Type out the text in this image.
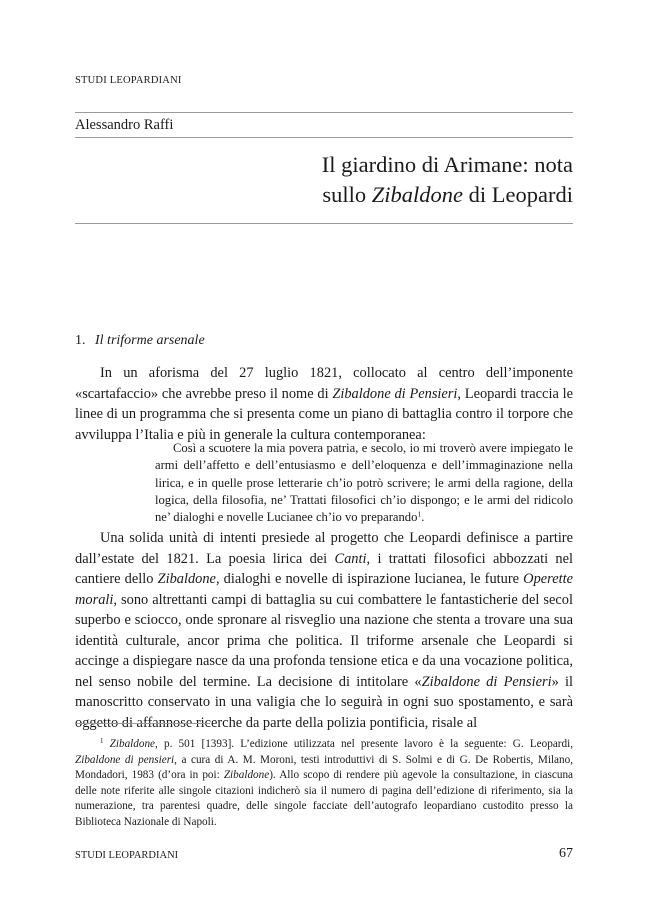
STUDI LEOPARDIANI
Alessandro Raffi
Il giardino di Arimane: nota
sullo Zibaldone di Leopardi
1. Il triforme arsenale

In un aforisma del 27 luglio 1821, collocato al centro dell’imponente «scartafaccio» che avrebbe preso il nome di Zibaldone di Pensieri, Leopardi traccia le linee di un programma che si presenta come un piano di battaglia contro il torpore che avviluppa l’Italia e più in generale la cultura contemporanea:

Così a scuotere la mia povera patria, e secolo, io mi troverò avere impiegato le armi dell’affetto e dell’entusiasmo e dell’eloquenza e dell’immaginazione nella lirica, e in quelle prose letterarie ch’io potrò scrivere; le armi della ragione, della logica, della filosofia, ne’ Trattati filosofici ch’io dispongo; e le armi del ridicolo ne’ dialoghi e novelle Lucianee ch’io vo preparando$^1$.

Una solida unità di intenti presiede al progetto che Leopardi definisce a partire dall’estate del 1821. La poesia lirica dei Canti, i trattati filosofici abbozzati nel cantiere dello Zibaldone, dialoghi e novelle di ispirazione lucianea, le future Operette morali, sono altrettanti campi di battaglia su cui combattere le fantasticherie del secol superbo e sciocco, onde spronare al risveglio una nazione che stenta a trovare una sua identità culturale, ancor prima che politica. Il triforme arsenale che Leopardi si accinge a dispiegare nasce da una profonda tensione etica e da una vocazione politica, nel senso nobile del termine. La decisione di intitolare «Zibaldone di Pensieri» il manoscritto conservato in una valigia che lo seguirà in ogni suo spostamento, e sarà oggetto di affannose ricerche da parte della polizia pontificia, risale al

$^1$ Zibaldone, p. 501 [1393]. L’edizione utilizzata nel presente lavoro è la seguente: G. Leopardi, Zibaldone di pensieri, a cura di A. M. Moroni, testi introduttivi di S. Solmi e di G. De Robertis, Milano, Mondadori, 1983 (d’ora in poi: Zibaldone). Allo scopo di rendere più agevole la consultazione, in ciascuna delle note riferite alle singole citazioni indicherò sia il numero di pagina dell’edizione di riferimento, sia la numerazione, tra parentesi quadre, delle singole facciate dell’autografo leopardiano custodito presso la Biblioteca Nazionale di Napoli.

STUDI LEOPARDIANI	67
